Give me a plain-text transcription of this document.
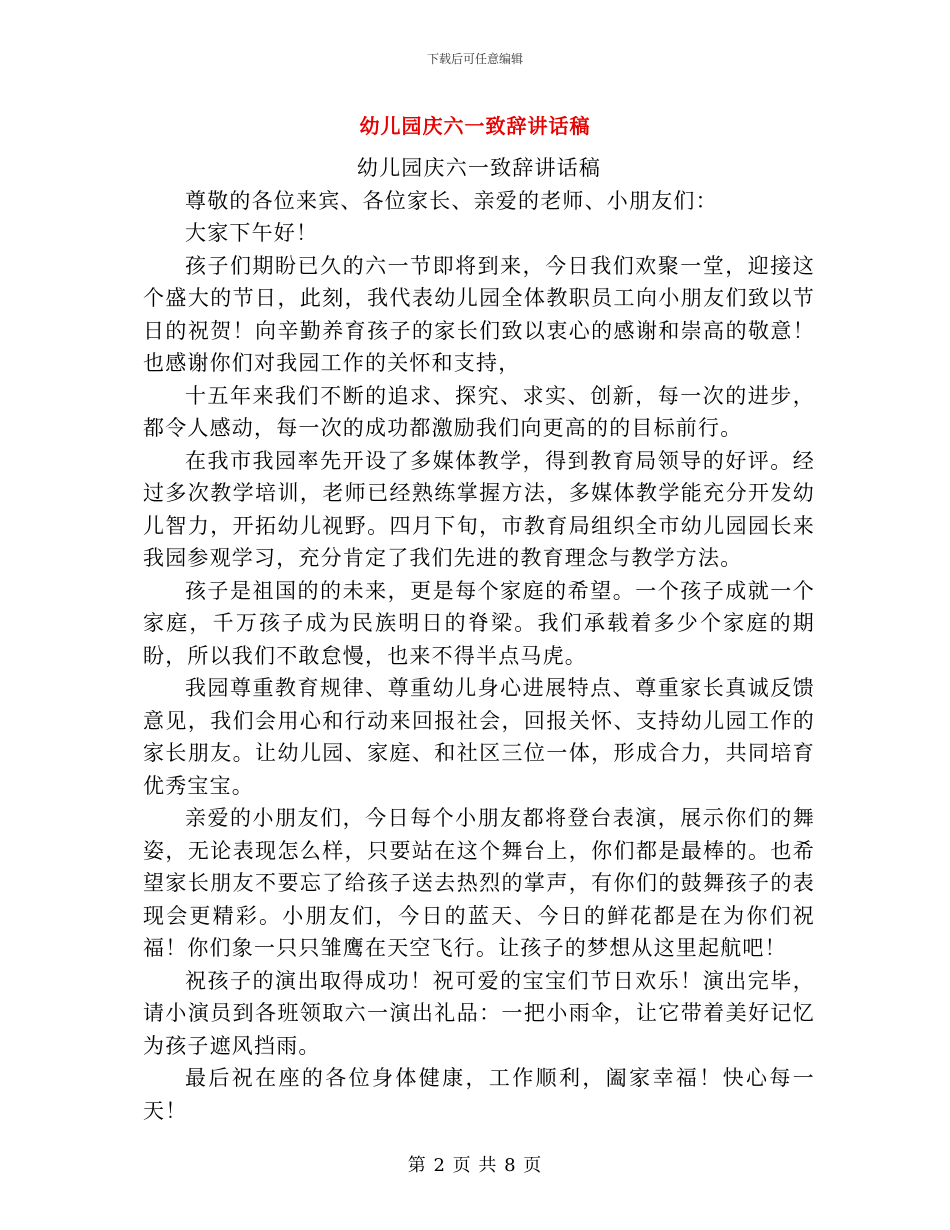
下载后可任意编辑
幼儿园庆六一致辞讲话稿

幼儿园庆六一致辞讲话稿

尊敬的各位来宾、各位家长、亲爱的老师、小朋友们：

大家下午好！

孩子们期盼已久的六一节即将到来，今日我们欢聚一堂，迎接这个盛大的节日，此刻，我代表幼儿园全体教职员工向小朋友们致以节日的祝贺！向辛勤养育孩子的家长们致以衷心的感谢和崇高的敬意！也感谢你们对我园工作的关怀和支持，

十五年来我们不断的追求、探究、求实、创新，每一次的进步，都令人感动，每一次的成功都激励我们向更高的的目标前行。

在我市我园率先开设了多媒体教学，得到教育局领导的好评。经过多次教学培训，老师已经熟练掌握方法，多媒体教学能充分开发幼儿智力，开拓幼儿视野。四月下旬，市教育局组织全市幼儿园园长来我园参观学习，充分肯定了我们先进的教育理念与教学方法。

孩子是祖国的的未来，更是每个家庭的希望。一个孩子成就一个家庭，千万孩子成为民族明日的脊梁。我们承载着多少个家庭的期盼，所以我们不敢怠慢，也来不得半点马虎。

我园尊重教育规律、尊重幼儿身心进展特点、尊重家长真诚反馈意见，我们会用心和行动来回报社会，回报关怀、支持幼儿园工作的家长朋友。让幼儿园、家庭、和社区三位一体，形成合力，共同培育优秀宝宝。

亲爱的小朋友们，今日每个小朋友都将登台表演，展示你们的舞姿，无论表现怎么样，只要站在这个舞台上，你们都是最棒的。也希望家长朋友不要忘了给孩子送去热烈的掌声，有你们的鼓舞孩子的表现会更精彩。小朋友们，今日的蓝天、今日的鲜花都是在为你们祝福！你们象一只只雏鹰在天空飞行。让孩子的梦想从这里起航吧！

祝孩子的演出取得成功！祝可爱的宝宝们节日欢乐！演出完毕，请小演员到各班领取六一演出礼品：一把小雨伞，让它带着美好记忆为孩子遮风挡雨。

最后祝在座的各位身体健康，工作顺利，阖家幸福！快心每一天！

第 2 页 共 8 页
